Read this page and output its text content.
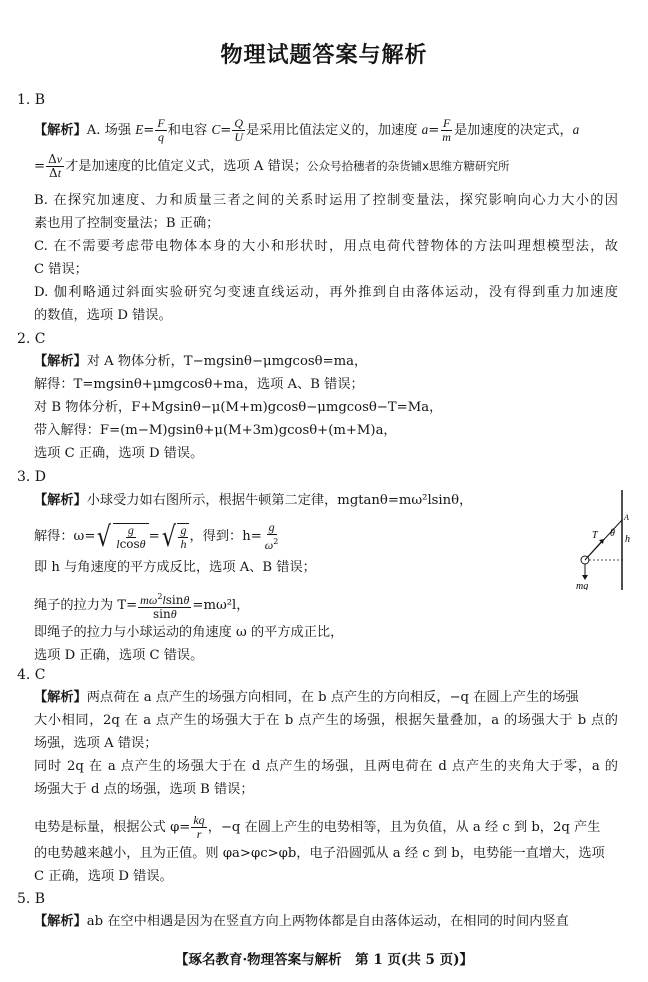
物理试题答案与解析
1. B
【解析】A. 场强 $E= \frac{F}{q}$ 和电容 $C= \frac{Q}{U}$ 是采用比值法定义的，加速度 $a= \frac{F}{m}$ 是加速度的决定式，a
= $\frac{\Delta v}{\Delta t}$ 才是加速度的比值定义式，选项 A 错误；公众号拾穗者的杂货铺x思维方糖研究所
B. 在探究加速度、力和质量三者之间的关系时运用了控制变量法，探究影响向心力大小的因
素也用了控制变量法；B 正确；
C. 在不需要考虑带电物体本身的大小和形状时，用点电荷代替物体的方法叫理想模型法，故
C 错误；
D. 伽利略通过斜面实验研究匀变速直线运动，再外推到自由落体运动，没有得到重力加速度
的数值，选项 D 错误。
2. C
【解析】对 A 物体分析，T−mgsinθ−μmgcosθ=ma，
解得：T=mgsinθ+μmgcosθ+ma，选项 A、B 错误；
对 B 物体分析，F+Mgsinθ−μ(M+m)gcosθ−μmgcosθ−T=Ma，
带入解得：F=(m−M)gsinθ+μ(M+3m)gcosθ+(m+M)a，
选项 C 正确，选项 D 错误。
3. D
【解析】小球受力如右图所示，根据牛顿第二定律，mgtanθ=mω²lsinθ，
解得：ω= √ $\frac{g}{lcos\theta}$ = √ $\frac{g}{h}$ ，得到：$h= \frac{g}{\omega^2}$
即 h 与角速度的平方成反比，选项 A、B 错误；
绳子的拉力为 $T= \frac{m\omega^2lsin\theta}{\sin\theta} =m\omega^2l$，
即绳子的拉力与小球运动的角速度 ω 的平方成正比，
选项 D 正确，选项 C 错误。
T θ
h
A
mg
4. C
【解析】两点荷在 a 点产生的场强方向相同，在 b 点产生的方向相反，−q 在圆上产生的场强
大小相同，2q 在 a 点产生的场强大于在 b 点产生的场强，根据矢量叠加，a 的场强大于 b 点的
场强，选项 A 错误；
同时 2q 在 a 点产生的场强大于在 d 点产生的场强，且两电荷在 d 点产生的夹角大于零，a 的
场强大于 d 点的场强，选项 B 错误；
电势是标量，根据公式 $\varphi= \frac{kq}{r}$ ，−q 在圆上产生的电势相等，且为负值，从 a 经 c 到 b，2q 产生
的电势越来越小，且为正值。则 φa>φc>φb，电子沿圆弧从 a 经 c 到 b，电势能一直增大，选项
C 正确，选项 D 错误。
5. B
【解析】ab 在空中相遇是因为在竖直方向上两物体都是自由落体运动，在相同的时间内竖直
【琢名教育·物理答案与解析　第 1 页(共 5 页)】
